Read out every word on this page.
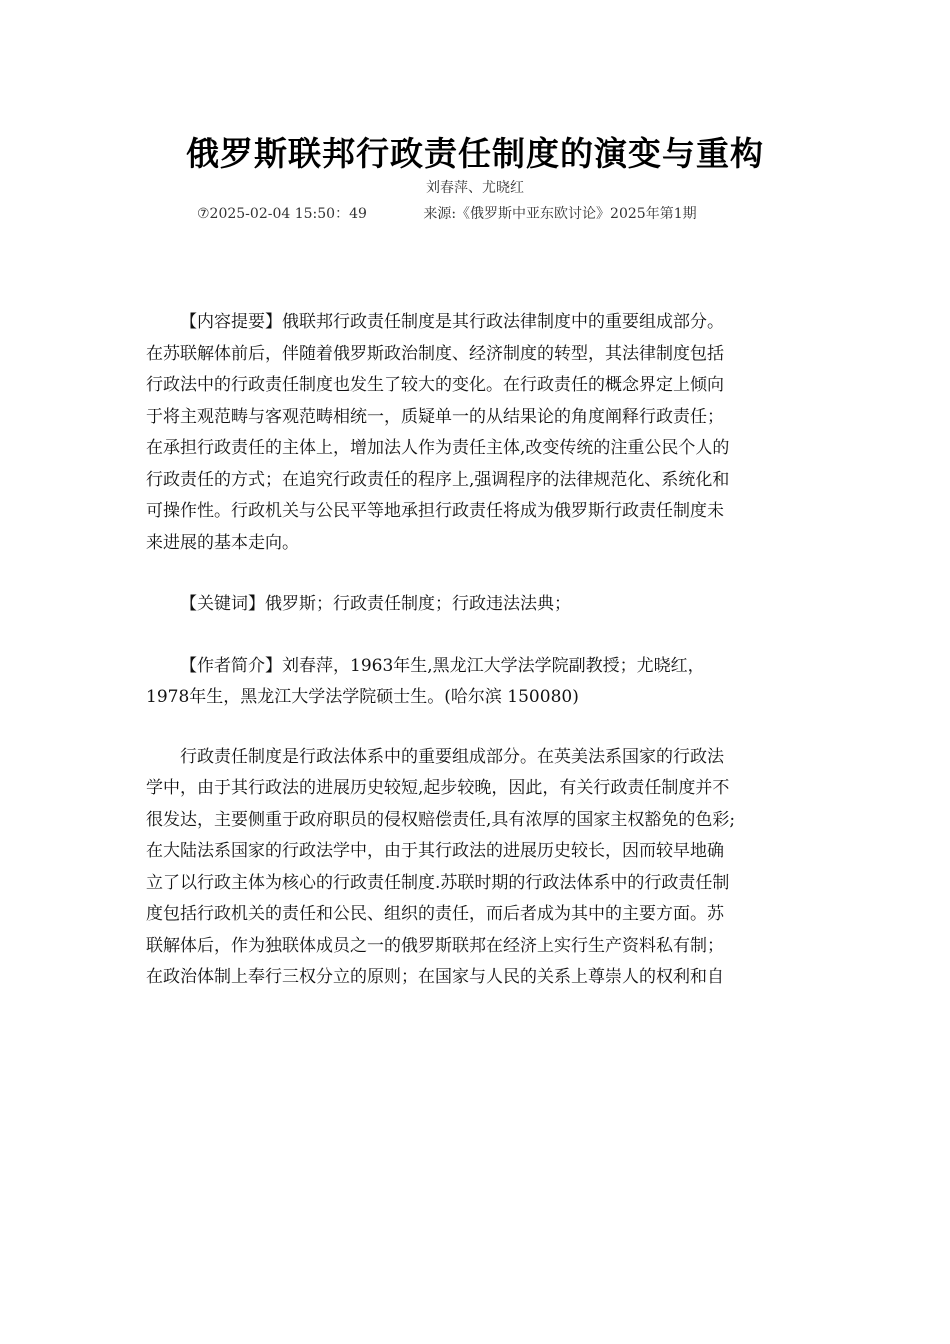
俄罗斯联邦行政责任制度的演变与重构
刘春萍、尤晓红
⑦2025-02-04 15:50：49	来源:《俄罗斯中亚东欧讨论》2025年第1期
【内容提要】俄联邦行政责任制度是其行政法律制度中的重要组成部分。
在苏联解体前后，伴随着俄罗斯政治制度、经济制度的转型，其法律制度包括
行政法中的行政责任制度也发生了较大的变化。在行政责任的概念界定上倾向
于将主观范畴与客观范畴相统一，质疑单一的从结果论的角度阐释行政责任；
在承担行政责任的主体上，增加法人作为责任主体,改变传统的注重公民个人的
行政责任的方式；在追究行政责任的程序上,强调程序的法律规范化、系统化和
可操作性。行政机关与公民平等地承担行政责任将成为俄罗斯行政责任制度未
来进展的基本走向。
【关键词】俄罗斯；行政责任制度；行政违法法典；
【作者简介】刘春萍，1963年生,黑龙江大学法学院副教授；尤晓红，
1978年生，黑龙江大学法学院硕士生。(哈尔滨 150080)
行政责任制度是行政法体系中的重要组成部分。在英美法系国家的行政法
学中，由于其行政法的进展历史较短,起步较晚，因此，有关行政责任制度并不
很发达，主要侧重于政府职员的侵权赔偿责任,具有浓厚的国家主权豁免的色彩;
在大陆法系国家的行政法学中，由于其行政法的进展历史较长，因而较早地确
立了以行政主体为核心的行政责任制度.苏联时期的行政法体系中的行政责任制
度包括行政机关的责任和公民、组织的责任，而后者成为其中的主要方面。苏
联解体后，作为独联体成员之一的俄罗斯联邦在经济上实行生产资料私有制；
在政治体制上奉行三权分立的原则；在国家与人民的关系上尊崇人的权利和自
